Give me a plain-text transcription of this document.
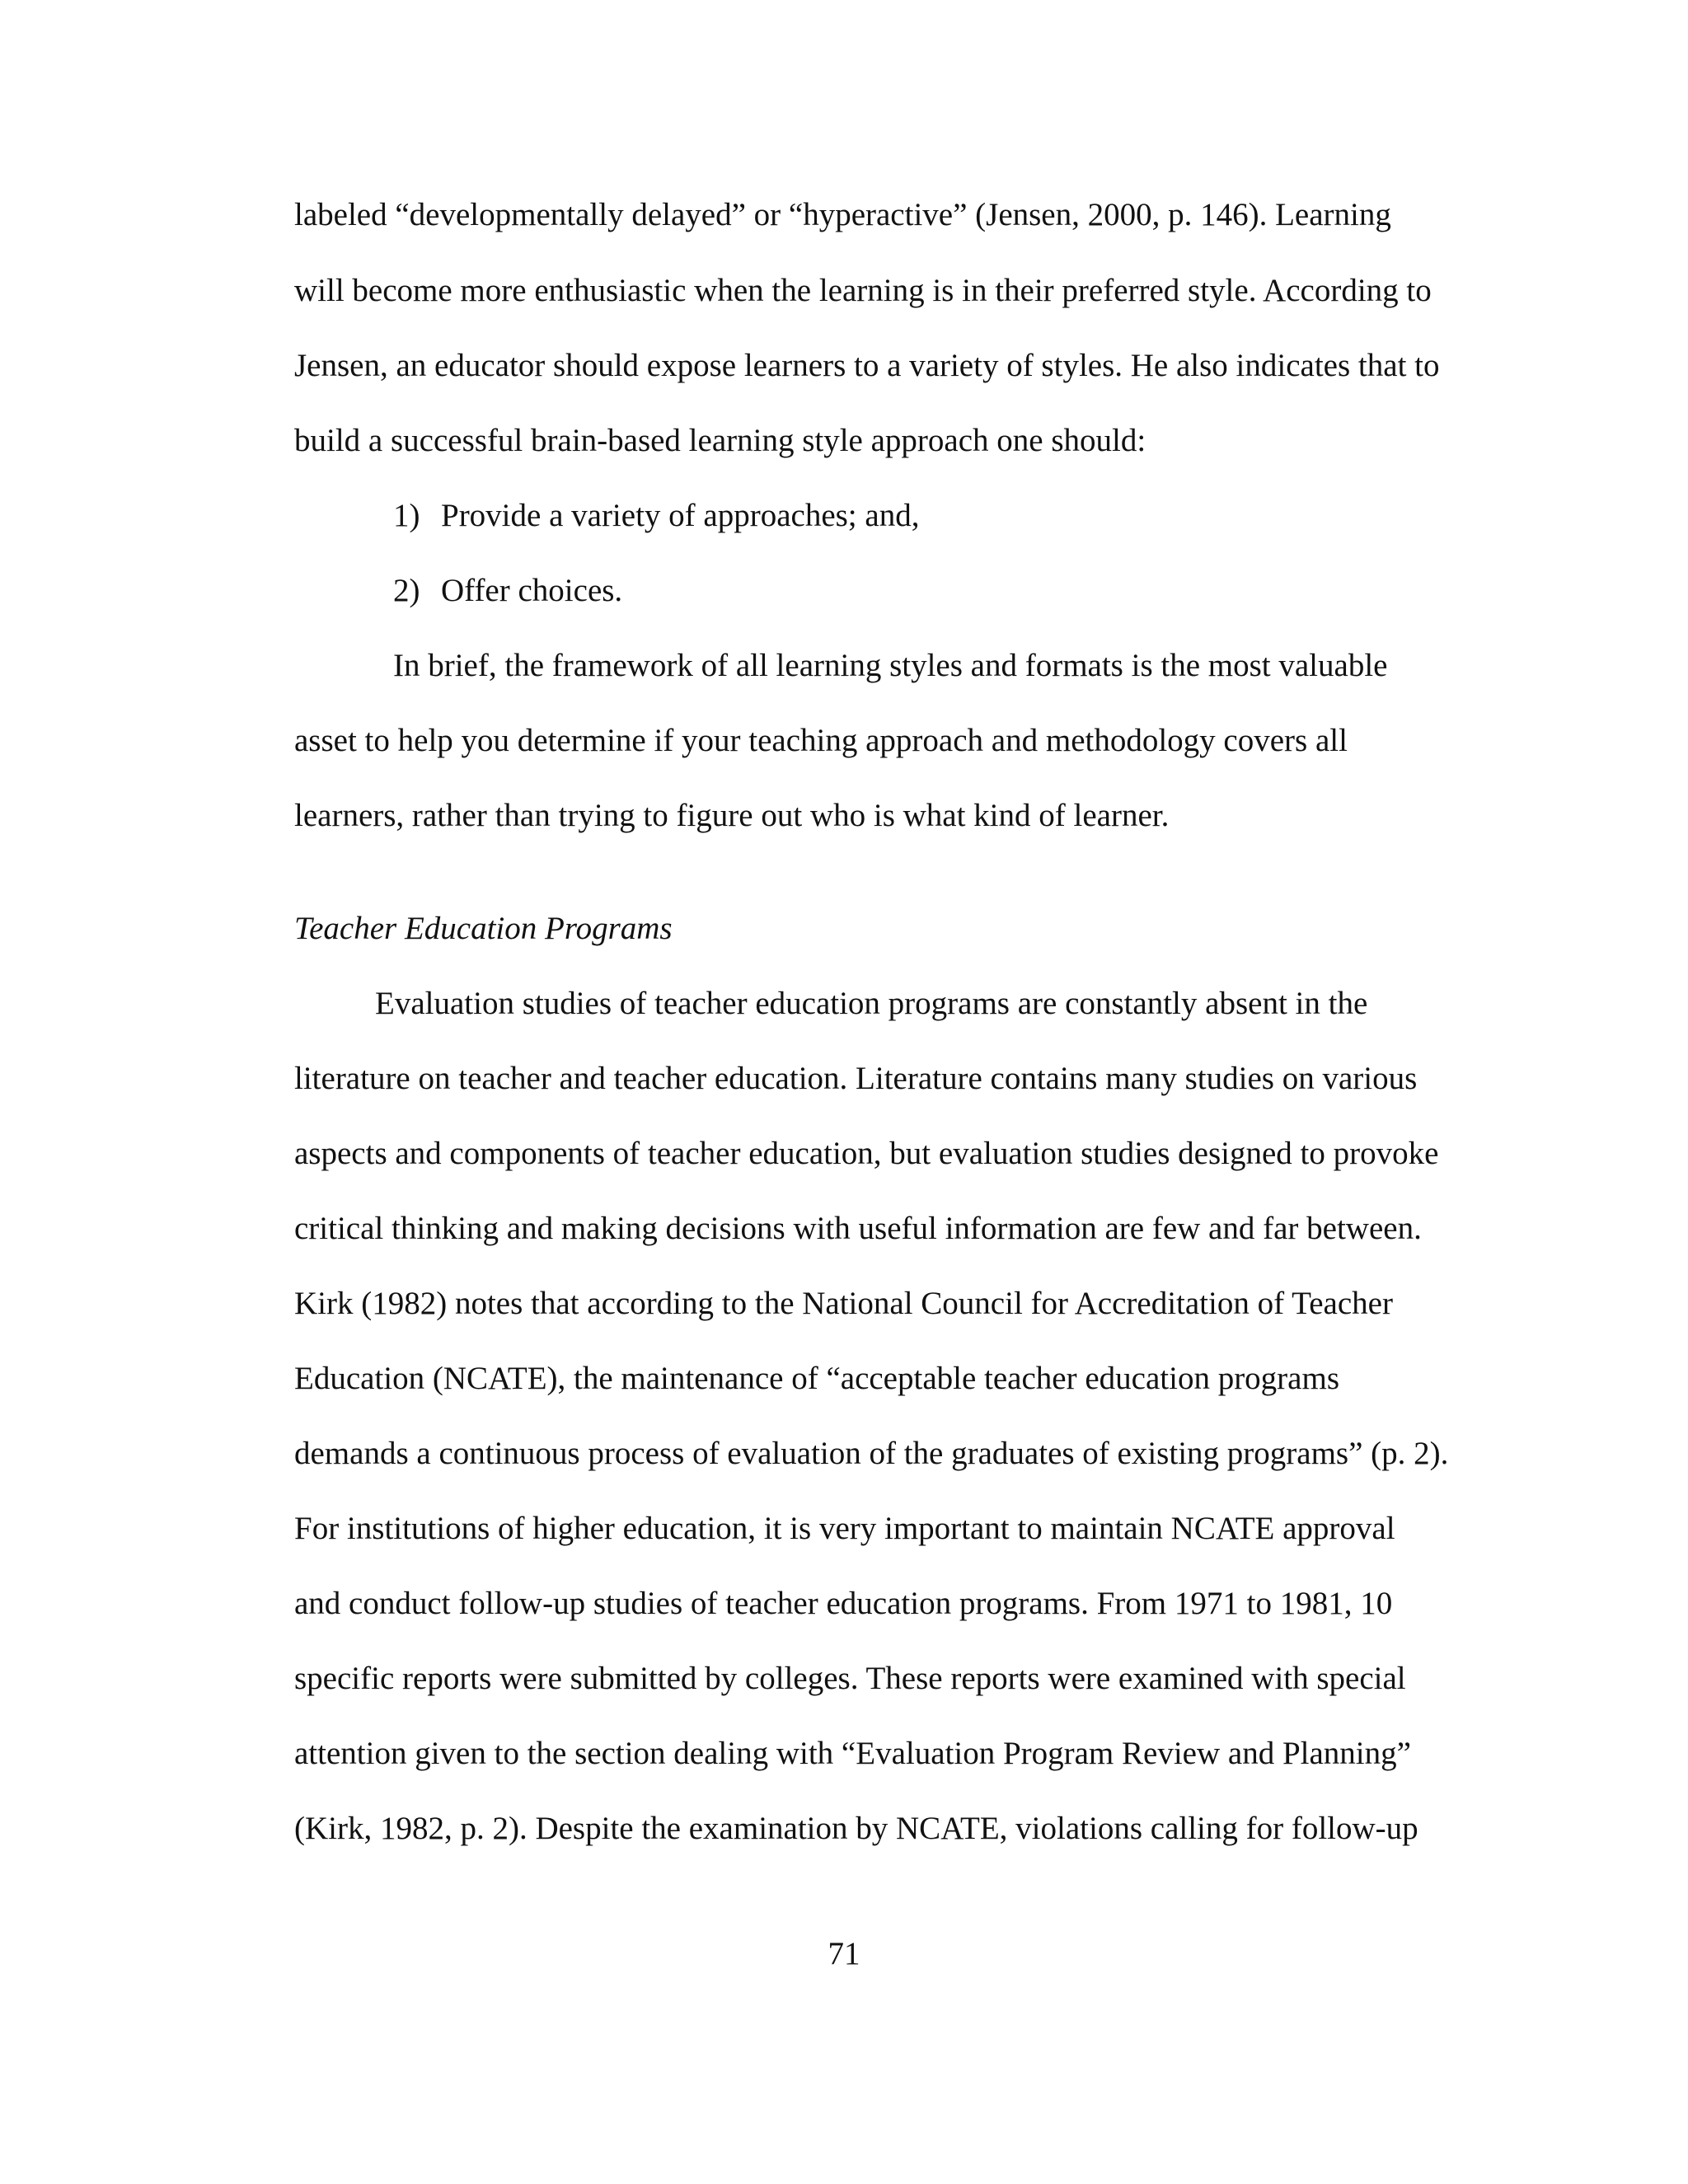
labeled “developmentally delayed” or “hyperactive” (Jensen, 2000, p. 146). Learning
will become more enthusiastic when the learning is in their preferred style. According to
Jensen, an educator should expose learners to a variety of styles. He also indicates that to
build a successful brain-based learning style approach one should:
1) Provide a variety of approaches; and,
2) Offer choices.
In brief, the framework of all learning styles and formats is the most valuable
asset to help you determine if your teaching approach and methodology covers all
learners, rather than trying to figure out who is what kind of learner.
Teacher Education Programs
Evaluation studies of teacher education programs are constantly absent in the
literature on teacher and teacher education. Literature contains many studies on various
aspects and components of teacher education, but evaluation studies designed to provoke
critical thinking and making decisions with useful information are few and far between.
Kirk (1982) notes that according to the National Council for Accreditation of Teacher
Education (NCATE), the maintenance of “acceptable teacher education programs
demands a continuous process of evaluation of the graduates of existing programs” (p. 2).
For institutions of higher education, it is very important to maintain NCATE approval
and conduct follow-up studies of teacher education programs. From 1971 to 1981, 10
specific reports were submitted by colleges. These reports were examined with special
attention given to the section dealing with “Evaluation Program Review and Planning”
(Kirk, 1982, p. 2). Despite the examination by NCATE, violations calling for follow-up
71
